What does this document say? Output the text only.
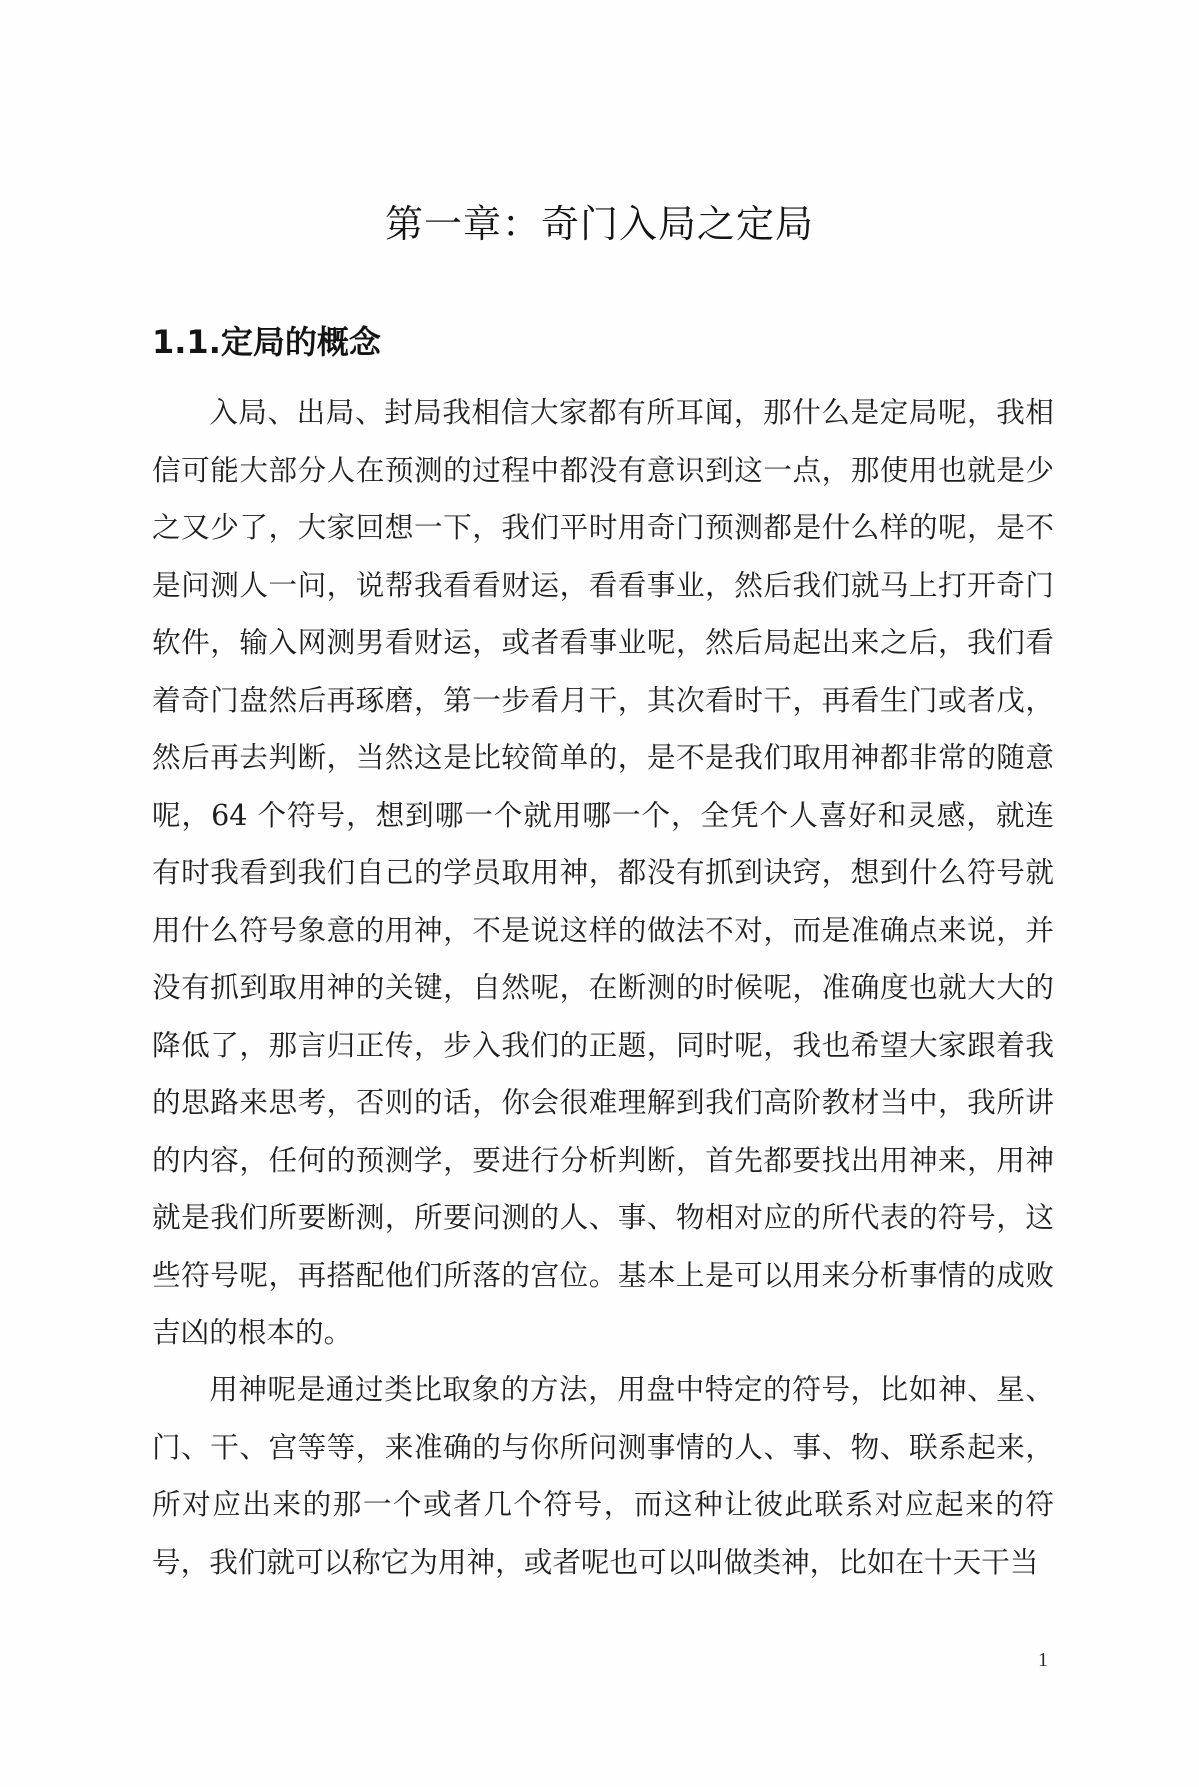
第一章：奇门入局之定局
1.1.定局的概念

入局、出局、封局我相信大家都有所耳闻，那什么是定局呢，我相信可能大部分人在预测的过程中都没有意识到这一点，那使用也就是少之又少了，大家回想一下，我们平时用奇门预测都是什么样的呢，是不是问测人一问，说帮我看看财运，看看事业，然后我们就马上打开奇门软件，输入网测男看财运，或者看事业呢，然后局起出来之后，我们看着奇门盘然后再琢磨，第一步看月干，其次看时干，再看生门或者戊，然后再去判断，当然这是比较简单的，是不是我们取用神都非常的随意呢，64 个符号，想到哪一个就用哪一个，全凭个人喜好和灵感，就连有时我看到我们自己的学员取用神，都没有抓到诀窍，想到什么符号就用什么符号象意的用神，不是说这样的做法不对，而是准确点来说，并没有抓到取用神的关键，自然呢，在断测的时候呢，准确度也就大大的降低了，那言归正传，步入我们的正题，同时呢，我也希望大家跟着我的思路来思考，否则的话，你会很难理解到我们高阶教材当中，我所讲的内容，任何的预测学，要进行分析判断，首先都要找出用神来，用神就是我们所要断测，所要问测的人、事、物相对应的所代表的符号，这些符号呢，再搭配他们所落的宫位。基本上是可以用来分析事情的成败吉凶的根本的。

用神呢是通过类比取象的方法，用盘中特定的符号，比如神、星、门、干、宫等等，来准确的与你所问测事情的人、事、物、联系起来，所对应出来的那一个或者几个符号，而这种让彼此联系对应起来的符号，我们就可以称它为用神，或者呢也可以叫做类神，比如在十天干当

1
